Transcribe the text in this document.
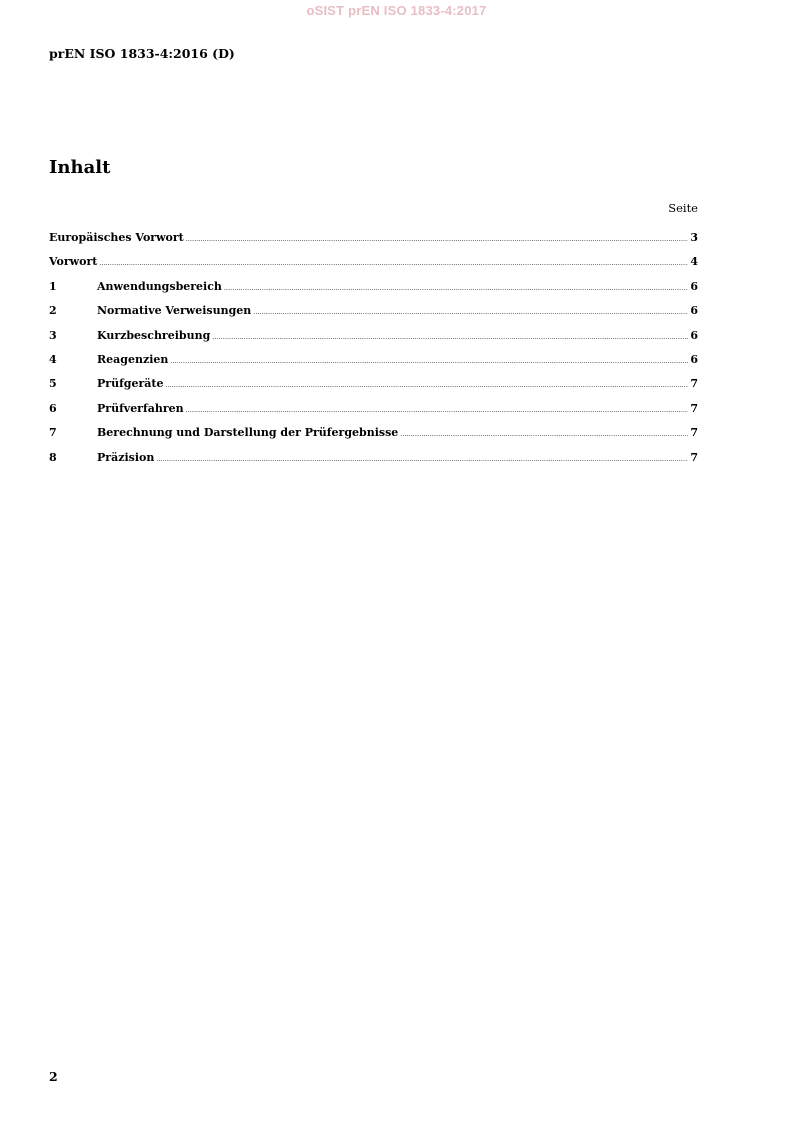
oSIST prEN ISO 1833-4:2017
prEN ISO 1833-4:2016 (D)
Inhalt
Seite
Europäisches Vorwort .....	3
Vorwort .....	4
1	Anwendungsbereich .....	6
2	Normative Verweisungen .....	6
3	Kurzbeschreibung .....	6
4	Reagenzien .....	6
5	Prüfgeräte .....	7
6	Prüfverfahren .....	7
7	Berechnung und Darstellung der Prüfergebnisse .....	7
8	Präzision .....	7
2
